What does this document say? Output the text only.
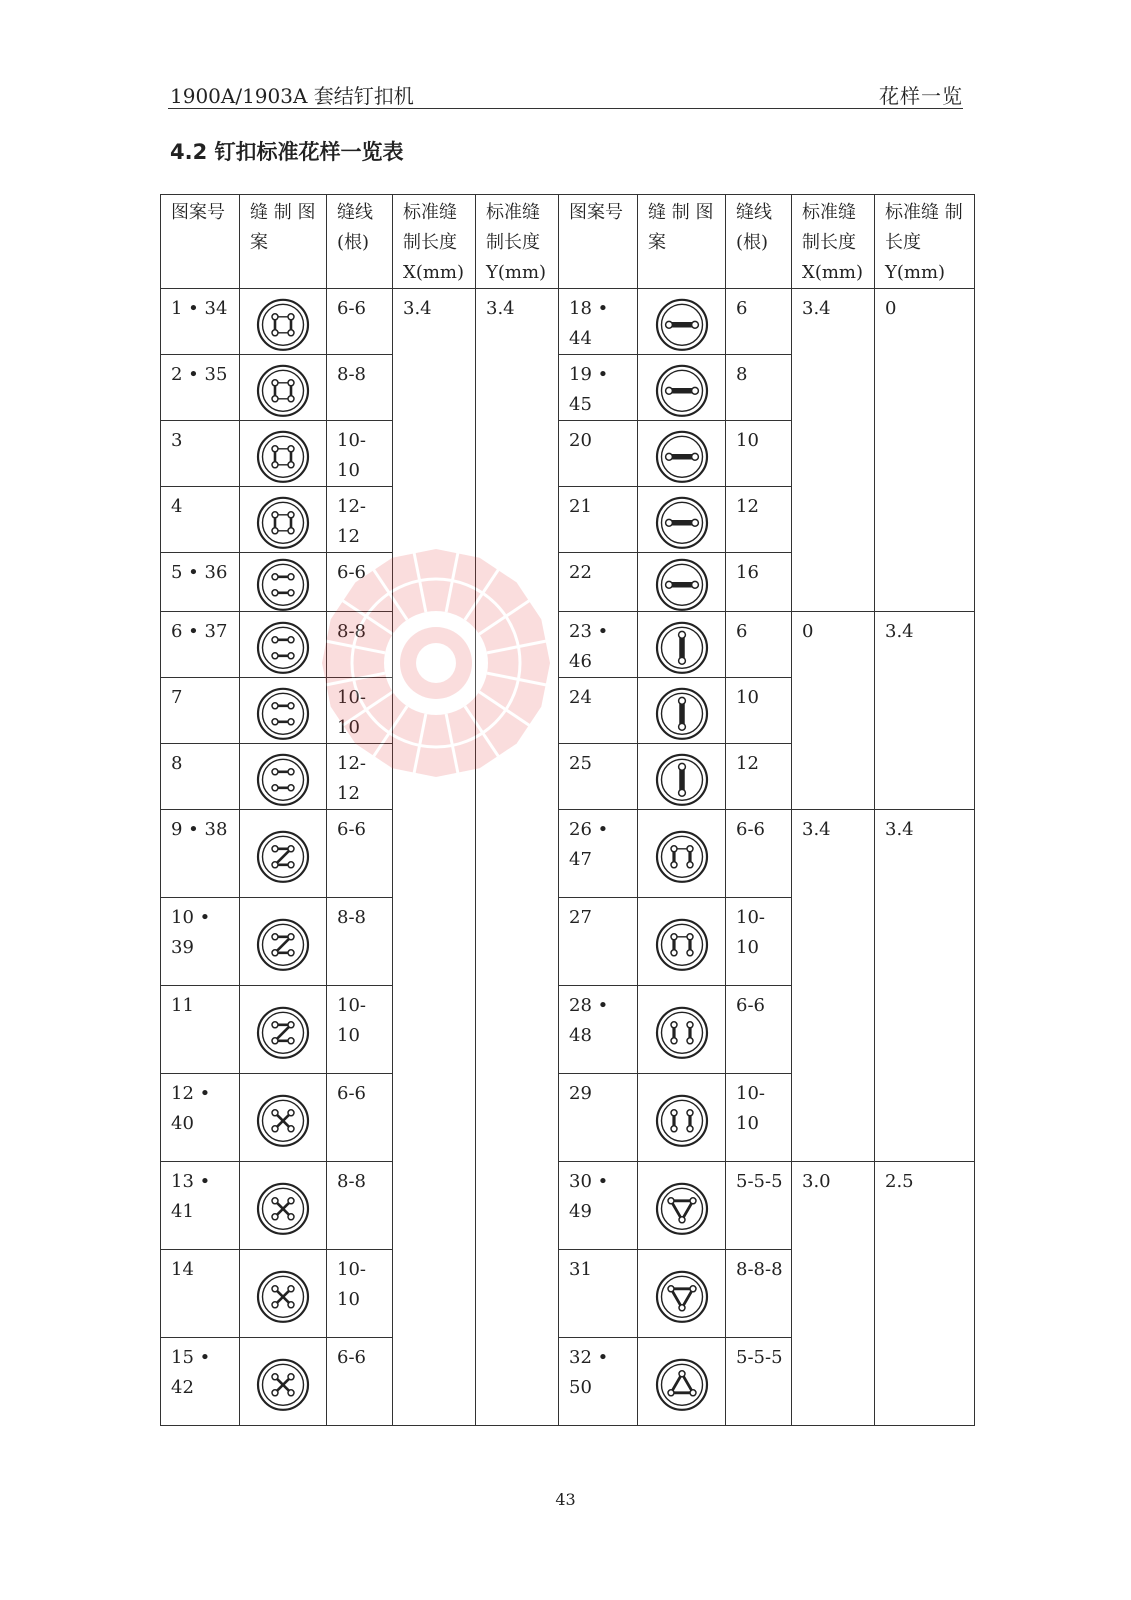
1900A/1903A 套结钉扣机	花样一览
4.2 钉扣标准花样一览表
图案号	缝 制 图 案	缝线 (根)	标准缝 制长度 X(mm)	标准缝 制长度 Y(mm)	图案号	缝 制 图 案	缝线 (根)	标准缝 制长度 X(mm)	标准缝 制长度 Y(mm)
1 • 34		6-6	3.4	3.4	18 • 44		6	3.4	0
2 • 35		8-8			19 • 45		8		
3		10-10			20		10		
4		12-12			21		12		
5 • 36		6-6			22		16		
6 • 37		8-8			23 • 46		6	0	3.4
7		10-10			24		10		
8		12-12			25		12		
9 • 38		6-6			26 • 47		6-6	3.4	3.4
10 • 39		8-8			27		10-10		
11		10-10			28 • 48		6-6		
12 • 40		6-6			29		10-10		
13 • 41		8-8			30 • 49		5-5-5	3.0	2.5
14		10-10			31		8-8-8		
15 • 42		6-6			32 • 50		5-5-5		
43
